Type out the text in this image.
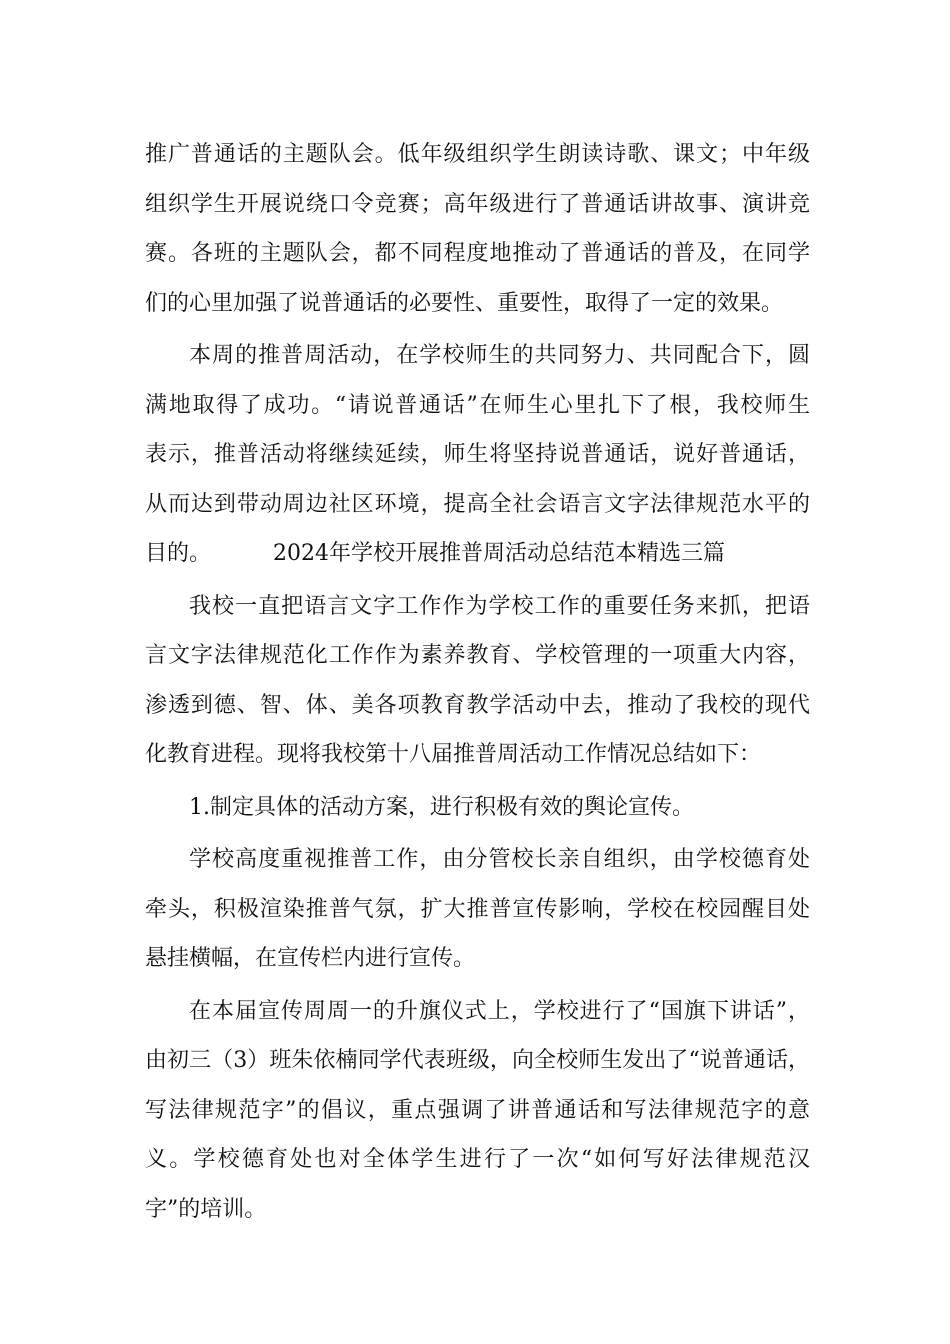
推广普通话的主题队会。低年级组织学生朗读诗歌、课文；中年级
组织学生开展说绕口令竞赛；高年级进行了普通话讲故事、演讲竞
赛。各班的主题队会，都不同程度地推动了普通话的普及，在同学
们的心里加强了说普通话的必要性、重要性，取得了一定的效果。
本周的推普周活动，在学校师生的共同努力、共同配合下，圆
满地取得了成功。“请说普通话”在师生心里扎下了根，我校师生
表示，推普活动将继续延续，师生将坚持说普通话，说好普通话，
从而达到带动周边社区环境，提高全社会语言文字法律规范水平的
目的。	2024年学校开展推普周活动总结范本精选三篇
我校一直把语言文字工作作为学校工作的重要任务来抓，把语
言文字法律规范化工作作为素养教育、学校管理的一项重大内容，
渗透到德、智、体、美各项教育教学活动中去，推动了我校的现代
化教育进程。现将我校第十八届推普周活动工作情况总结如下：
1.制定具体的活动方案，进行积极有效的舆论宣传。
学校高度重视推普工作，由分管校长亲自组织，由学校德育处
牵头，积极渲染推普气氛，扩大推普宣传影响，学校在校园醒目处
悬挂横幅，在宣传栏内进行宣传。
在本届宣传周周一的升旗仪式上，学校进行了“国旗下讲话”，
由初三（3）班朱依楠同学代表班级，向全校师生发出了“说普通话，
写法律规范字”的倡议，重点强调了讲普通话和写法律规范字的意
义。学校德育处也对全体学生进行了一次“如何写好法律规范汉
字”的培训。
